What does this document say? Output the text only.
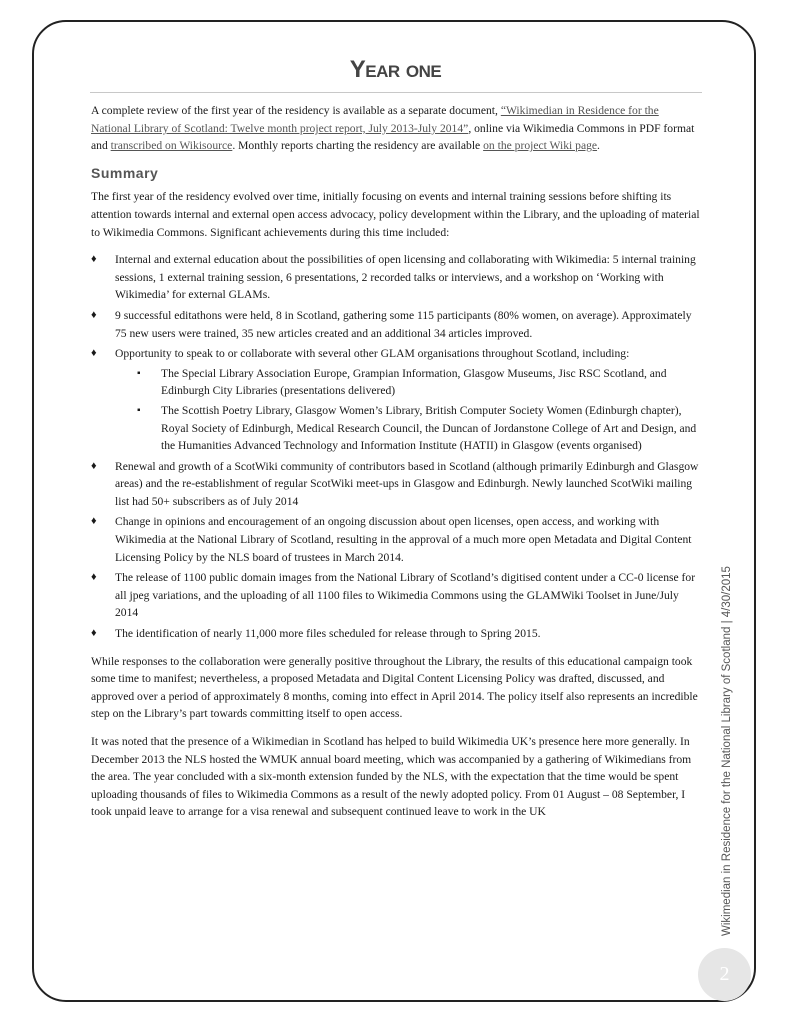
Year one

A complete review of the first year of the residency is available as a separate document, “Wikimedian in Residence for the National Library of Scotland: Twelve month project report, July 2013-July 2014”, online via Wikimedia Commons in PDF format and transcribed on Wikisource. Monthly reports charting the residency are available on the project Wiki page.

Summary

The first year of the residency evolved over time, initially focusing on events and internal training sessions before shifting its attention towards internal and external open access advocacy, policy development within the Library, and the uploading of material to Wikimedia Commons. Significant achievements during this time included:

♦ Internal and external education about the possibilities of open licensing and collaborating with Wikimedia: 5 internal training sessions, 1 external training session, 6 presentations, 2 recorded talks or interviews, and a workshop on ‘Working with Wikimedia’ for external GLAMs.
♦ 9 successful editathons were held, 8 in Scotland, gathering some 115 participants (80% women, on average). Approximately 75 new users were trained, 35 new articles created and an additional 34 articles improved.
♦ Opportunity to speak to or collaborate with several other GLAM organisations throughout Scotland, including:
▪ The Special Library Association Europe, Grampian Information, Glasgow Museums, Jisc RSC Scotland, and Edinburgh City Libraries (presentations delivered)
▪ The Scottish Poetry Library, Glasgow Women’s Library, British Computer Society Women (Edinburgh chapter), Royal Society of Edinburgh, Medical Research Council, the Duncan of Jordanstone College of Art and Design, and the Humanities Advanced Technology and Information Institute (HATII) in Glasgow (events organised)
♦ Renewal and growth of a ScotWiki community of contributors based in Scotland (although primarily Edinburgh and Glasgow areas) and the re-establishment of regular ScotWiki meet-ups in Glasgow and Edinburgh. Newly launched ScotWiki mailing list had 50+ subscribers as of July 2014
♦ Change in opinions and encouragement of an ongoing discussion about open licenses, open access, and working with Wikimedia at the National Library of Scotland, resulting in the approval of a much more open Metadata and Digital Content Licensing Policy by the NLS board of trustees in March 2014.
♦ The release of 1100 public domain images from the National Library of Scotland’s digitised content under a CC-0 license for all jpeg variations, and the uploading of all 1100 files to Wikimedia Commons using the GLAMWiki Toolset in June/July 2014
♦ The identification of nearly 11,000 more files scheduled for release through to Spring 2015.

While responses to the collaboration were generally positive throughout the Library, the results of this educational campaign took some time to manifest; nevertheless, a proposed Metadata and Digital Content Licensing Policy was drafted, discussed, and approved over a period of approximately 8 months, coming into effect in April 2014. The policy itself also represents an incredible step on the Library’s part towards committing itself to open access.

It was noted that the presence of a Wikimedian in Scotland has helped to build Wikimedia UK’s presence here more generally. In December 2013 the NLS hosted the WMUK annual board meeting, which was accompanied by a gathering of Wikimedians from the area. The year concluded with a six-month extension funded by the NLS, with the expectation that the time would be spent uploading thousands of files to Wikimedia Commons as a result of the newly adopted policy. From 01 August – 08 September, I took unpaid leave to arrange for a visa renewal and subsequent continued leave to work in the UK	Wikimedian in Residence for the National Library of Scotland | 4/30/2015
2
